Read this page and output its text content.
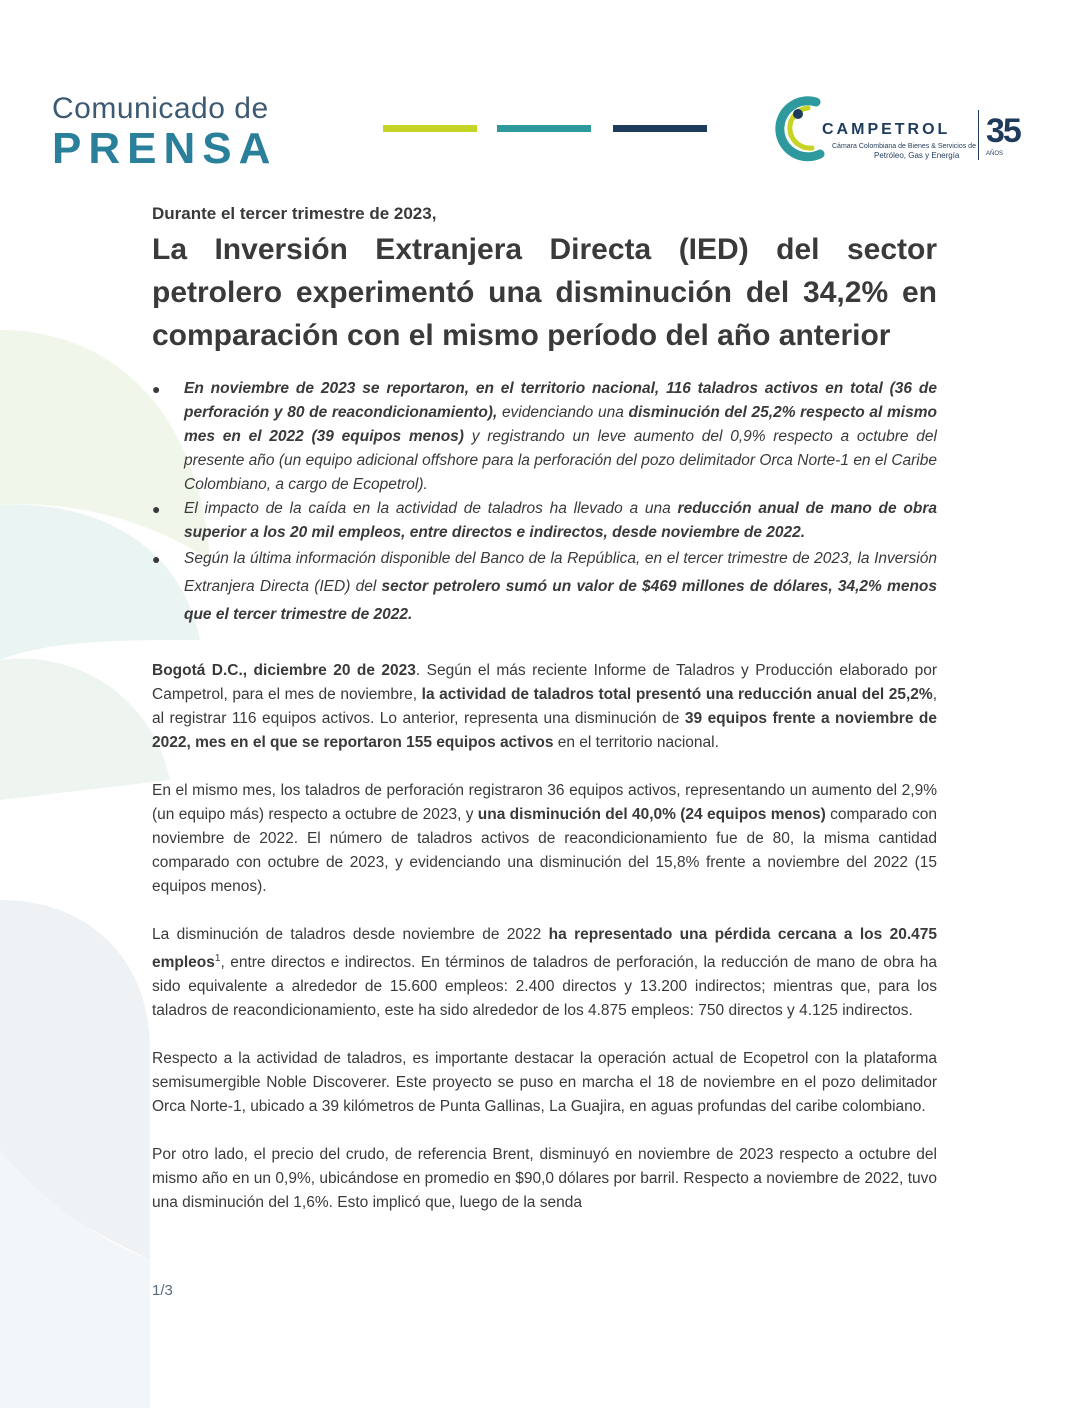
Comunicado de
PRENSA	CAMPETROL
Cámara Colombiana de Bienes & Servicios de
Petróleo, Gas y Energía
35
AÑOS

Durante el tercer trimestre de 2023,

La Inversión Extranjera Directa (IED) del sector petrolero experimentó una disminución del 34,2% en comparación con el mismo período del año anterior
● En noviembre de 2023 se reportaron, en el territorio nacional, 116 taladros activos en total (36 de perforación y 80 de reacondicionamiento), evidenciando una disminución del 25,2% respecto al mismo mes en el 2022 (39 equipos menos) y registrando un leve aumento del 0,9% respecto a octubre del presente año (un equipo adicional offshore para la perforación del pozo delimitador Orca Norte-1 en el Caribe Colombiano, a cargo de Ecopetrol).
● El impacto de la caída en la actividad de taladros ha llevado a una reducción anual de mano de obra superior a los 20 mil empleos, entre directos e indirectos, desde noviembre de 2022.
● Según la última información disponible del Banco de la República, en el tercer trimestre de 2023, la Inversión Extranjera Directa (IED) del sector petrolero sumó un valor de $469 millones de dólares, 34,2% menos que el tercer trimestre de 2022.

Bogotá D.C., diciembre 20 de 2023. Según el más reciente Informe de Taladros y Producción elaborado por Campetrol, para el mes de noviembre, la actividad de taladros total presentó una reducción anual del 25,2%, al registrar 116 equipos activos. Lo anterior, representa una disminución de 39 equipos frente a noviembre de 2022, mes en el que se reportaron 155 equipos activos en el territorio nacional.

En el mismo mes, los taladros de perforación registraron 36 equipos activos, representando un aumento del 2,9% (un equipo más) respecto a octubre de 2023, y una disminución del 40,0% (24 equipos menos) comparado con noviembre de 2022. El número de taladros activos de reacondicionamiento fue de 80, la misma cantidad comparado con octubre de 2023, y evidenciando una disminución del 15,8% frente a noviembre del 2022 (15 equipos menos).

La disminución de taladros desde noviembre de 2022 ha representado una pérdida cercana a los 20.475 empleos$^1$, entre directos e indirectos. En términos de taladros de perforación, la reducción de mano de obra ha sido equivalente a alrededor de 15.600 empleos: 2.400 directos y 13.200 indirectos; mientras que, para los taladros de reacondicionamiento, este ha sido alrededor de los 4.875 empleos: 750 directos y 4.125 indirectos.

Respecto a la actividad de taladros, es importante destacar la operación actual de Ecopetrol con la plataforma semisumergible Noble Discoverer. Este proyecto se puso en marcha el 18 de noviembre en el pozo delimitador Orca Norte-1, ubicado a 39 kilómetros de Punta Gallinas, La Guajira, en aguas profundas del caribe colombiano.

Por otro lado, el precio del crudo, de referencia Brent, disminuyó en noviembre de 2023 respecto a octubre del mismo año en un 0,9%, ubicándose en promedio en $90,0 dólares por barril. Respecto a noviembre de 2022, tuvo una disminución del 1,6%. Esto implicó que, luego de la senda

1/3
